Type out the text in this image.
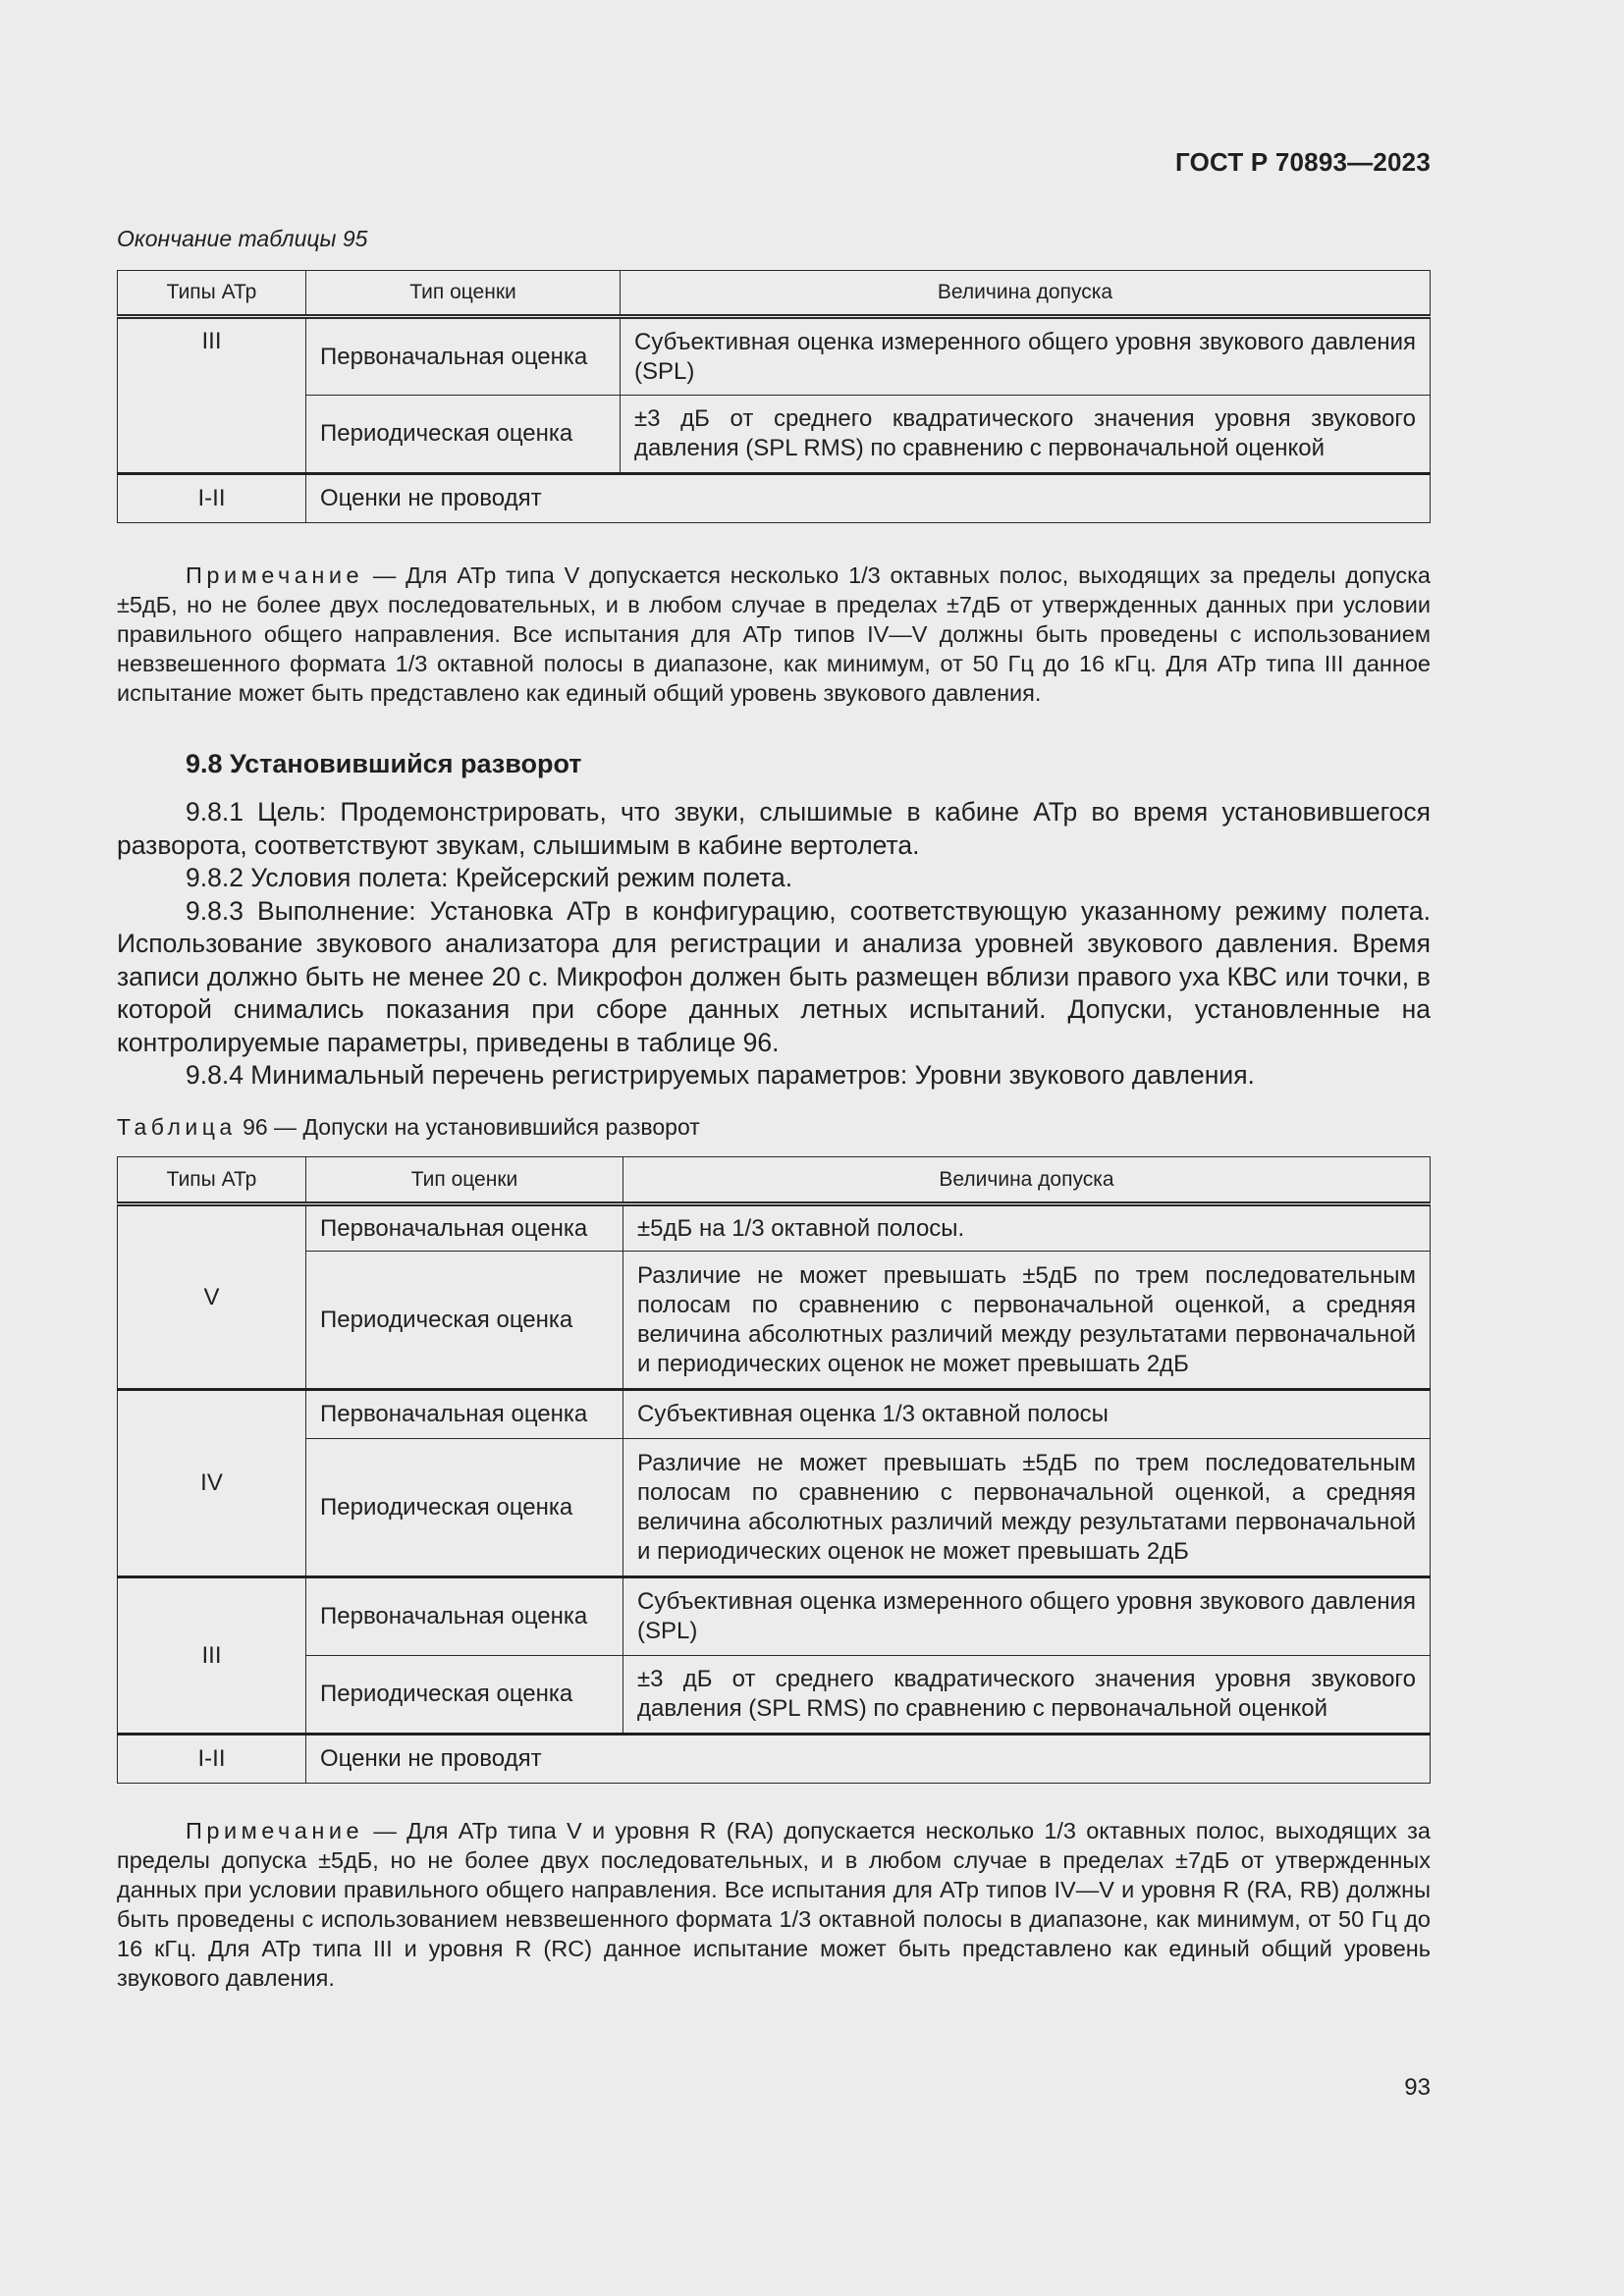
ГОСТ Р 70893—2023
Окончание таблицы 95
Типы АТр	Тип оценки	Величина допуска
III	Первоначальная оценка	Субъективная оценка измеренного общего уровня звукового давления (SPL)
	Периодическая оценка	±3 дБ от среднего квадратического значения уровня звукового давления (SPL RMS) по сравнению с первоначальной оценкой
I-II	Оценки не проводят	
Примечание — Для АТр типа V допускается несколько 1/3 октавных полос, выходящих за пределы допуска ±5дБ, но не более двух последовательных, и в любом случае в пределах ±7дБ от утвержденных данных при условии правильного общего направления. Все испытания для АТр типов IV—V должны быть проведены с использованием невзвешенного формата 1/3 октавной полосы в диапазоне, как минимум, от 50 Гц до 16 кГц. Для АТр типа III данное испытание может быть представлено как единый общий уровень звукового давления.
9.8 Установившийся разворот

9.8.1 Цель: Продемонстрировать, что звуки, слышимые в кабине АТр во время установившегося разворота, соответствуют звукам, слышимым в кабине вертолета.

9.8.2 Условия полета: Крейсерский режим полета.

9.8.3 Выполнение: Установка АТр в конфигурацию, соответствующую указанному режиму полета. Использование звукового анализатора для регистрации и анализа уровней звукового давления. Время записи должно быть не менее 20 с. Микрофон должен быть размещен вблизи правого уха КВС или точки, в которой снимались показания при сборе данных летных испытаний. Допуски, установленные на контролируемые параметры, приведены в таблице 96.

9.8.4 Минимальный перечень регистрируемых параметров: Уровни звукового давления.

Таблица 96 — Допуски на установившийся разворот
Типы АТр	Тип оценки	Величина допуска
V	Первоначальная оценка	±5дБ на 1/3 октавной полосы.
	Периодическая оценка	Различие не может превышать ±5дБ по трем последовательным полосам по сравнению с первоначальной оценкой, а средняя величина абсолютных различий между результатами первоначальной и периодических оценок не может превышать 2дБ
IV	Первоначальная оценка	Субъективная оценка 1/3 октавной полосы
	Периодическая оценка	Различие не может превышать ±5дБ по трем последовательным полосам по сравнению с первоначальной оценкой, а средняя величина абсолютных различий между результатами первоначальной и периодических оценок не может превышать 2дБ
III	Первоначальная оценка	Субъективная оценка измеренного общего уровня звукового давления (SPL)
	Периодическая оценка	±3 дБ от среднего квадратического значения уровня звукового давления (SPL RMS) по сравнению с первоначальной оценкой
I-II	Оценки не проводят	
Примечание — Для АТр типа V и уровня R (RA) допускается несколько 1/3 октавных полос, выходящих за пределы допуска ±5дБ, но не более двух последовательных, и в любом случае в пределах ±7дБ от утвержденных данных при условии правильного общего направления. Все испытания для АТр типов IV—V и уровня R (RA, RB) должны быть проведены с использованием невзвешенного формата 1/3 октавной полосы в диапазоне, как минимум, от 50 Гц до 16 кГц. Для АТр типа III и уровня R (RC) данное испытание может быть представлено как единый общий уровень звукового давления.
93
